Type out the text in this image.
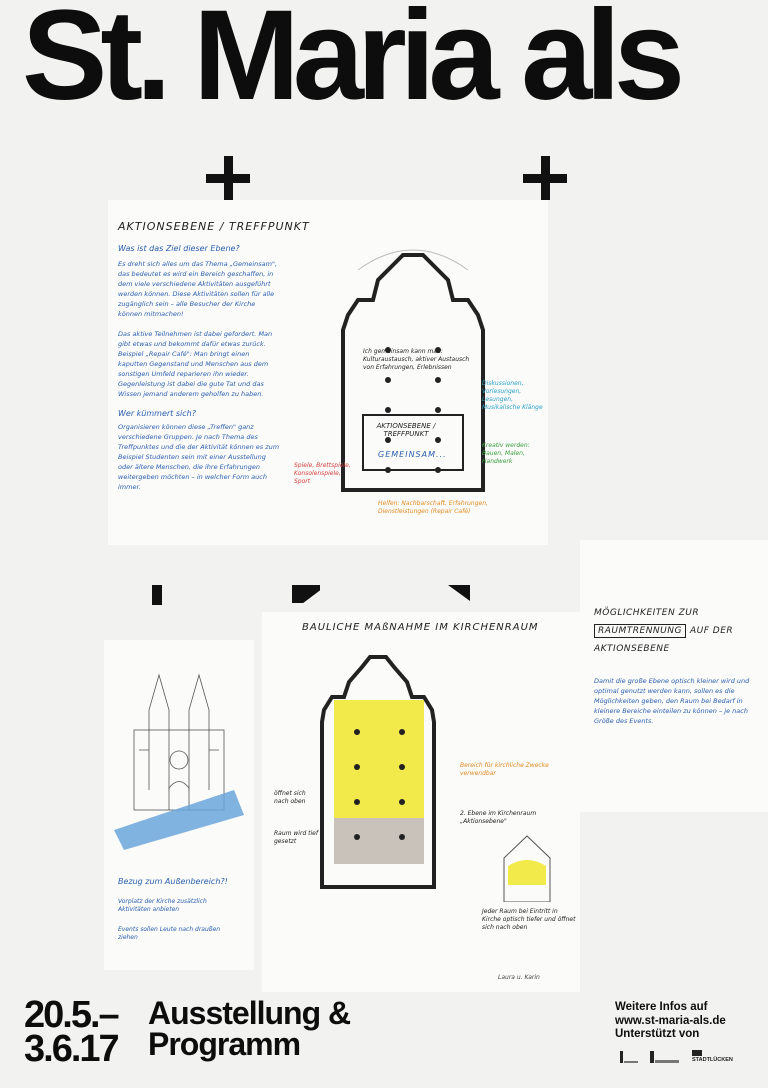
St. Maria als
AKTIONSEBENE / TREFFPUNKT
Was ist das Ziel dieser Ebene?

Es dreht sich alles um das Thema „Gemeinsam", das bedeutet es wird ein Bereich geschaffen, in dem viele verschiedene Aktivitäten ausgeführt werden können. Diese Aktivitäten sollen für alle zugänglich sein – alle Besucher der Kirche können mitmachen!

Das aktive Teilnehmen ist dabei gefordert. Man gibt etwas und bekommt dafür etwas zurück. Beispiel „Repair Café": Man bringt einen kaputten Gegenstand und Menschen aus dem sonstigen Umfeld reparieren ihn wieder. Gegenleistung ist dabei die gute Tat und das Wissen jemand anderem geholfen zu haben.

Wer kümmert sich?

Organisieren können diese „Treffen" ganz verschiedene Gruppen. Je nach Thema des Treffpunktes und die der Aktivität können es zum Beispiel Studenten sein mit einer Ausstellung oder ältere Menschen, die ihre Erfahrungen weitergeben möchten – in welcher Form auch immer.

AKTIONSEBENE / TREFFPUNKT
GEMEINSAM...
Ich gemeinsam kann man: Kulturaustausch, aktiver Austausch von Erfahrungen, Erlebnissen
Diskussionen, Vorlesungen, Lesungen, Musikalische Klänge
Kreativ werden: Bauen, Malen, Handwerk
Spiele, Brettspiele, Konsolenspiele, Sport
Helfen: Nachbarschaft, Erfahrungen, Dienstleistungen (Repair Café)
Bezug zum Außenbereich?!
Vorplatz der Kirche zusätzlich Aktivitäten anbieten
Events sollen Leute nach draußen ziehen
BAULICHE MAßNAHME IM KIRCHENRAUM
Bereich für kirchliche Zwecke verwendbar
2. Ebene im Kirchenraum „Aktionsebene"
öffnet sich nach oben
Raum wird tief gesetzt
Jeder Raum bei Eintritt in Kirche optisch tiefer und öffnet sich nach oben
Laura u. Karin
MÖGLICHKEITEN ZUR
RAUMTRENNUNG AUF DER
AKTIONSEBENE
Damit die große Ebene optisch kleiner wird und optimal genutzt werden kann, sollen es die Möglichkeiten geben, den Raum bei Bedarf in kleinere Bereiche einteilen zu können – je nach Größe des Events.
20.5.–
3.6.17
Ausstellung &
Programm
Weitere Infos auf
www.st-maria-als.de
Unterstützt von
STADTLÜCKEN
